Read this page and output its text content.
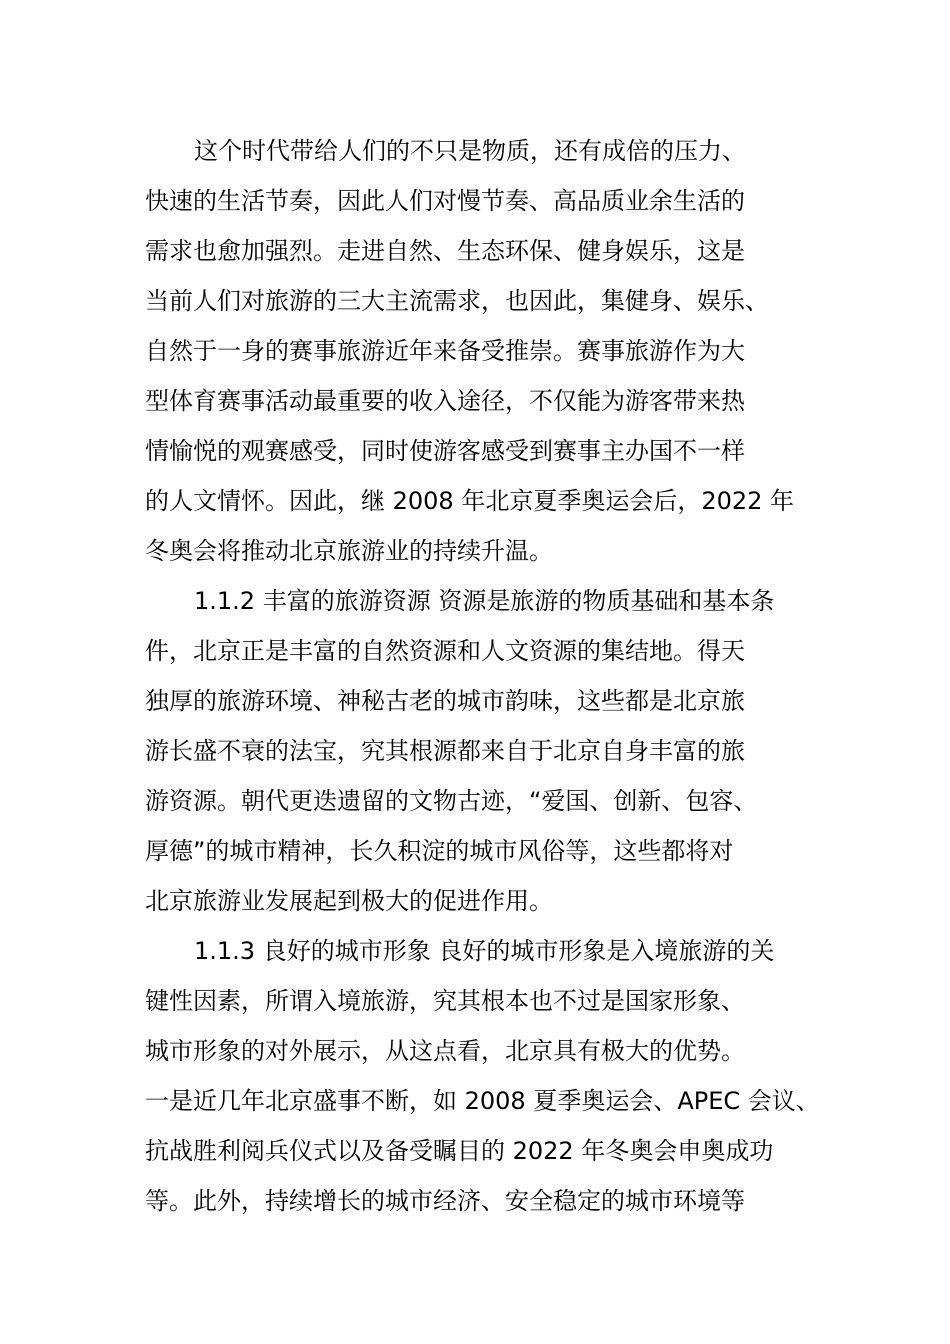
这个时代带给人们的不只是物质，还有成倍的压力、
快速的生活节奏，因此人们对慢节奏、高品质业余生活的
需求也愈加强烈。走进自然、生态环保、健身娱乐，这是
当前人们对旅游的三大主流需求，也因此，集健身、娱乐、
自然于一身的赛事旅游近年来备受推崇。赛事旅游作为大
型体育赛事活动最重要的收入途径，不仅能为游客带来热
情愉悦的观赛感受，同时使游客感受到赛事主办国不一样
的人文情怀。因此，继 2008 年北京夏季奥运会后，2022 年
冬奥会将推动北京旅游业的持续升温。
1.1.2 丰富的旅游资源 资源是旅游的物质基础和基本条
件，北京正是丰富的自然资源和人文资源的集结地。得天
独厚的旅游环境、神秘古老的城市韵味，这些都是北京旅
游长盛不衰的法宝，究其根源都来自于北京自身丰富的旅
游资源。朝代更迭遗留的文物古迹，“爱国、创新、包容、
厚德”的城市精神，长久积淀的城市风俗等，这些都将对
北京旅游业发展起到极大的促进作用。
1.1.3 良好的城市形象 良好的城市形象是入境旅游的关
键性因素，所谓入境旅游，究其根本也不过是国家形象、
城市形象的对外展示，从这点看，北京具有极大的优势。
一是近几年北京盛事不断，如 2008 夏季奥运会、APEC 会议、
抗战胜利阅兵仪式以及备受瞩目的 2022 年冬奥会申奥成功
等。此外，持续增长的城市经济、安全稳定的城市环境等
